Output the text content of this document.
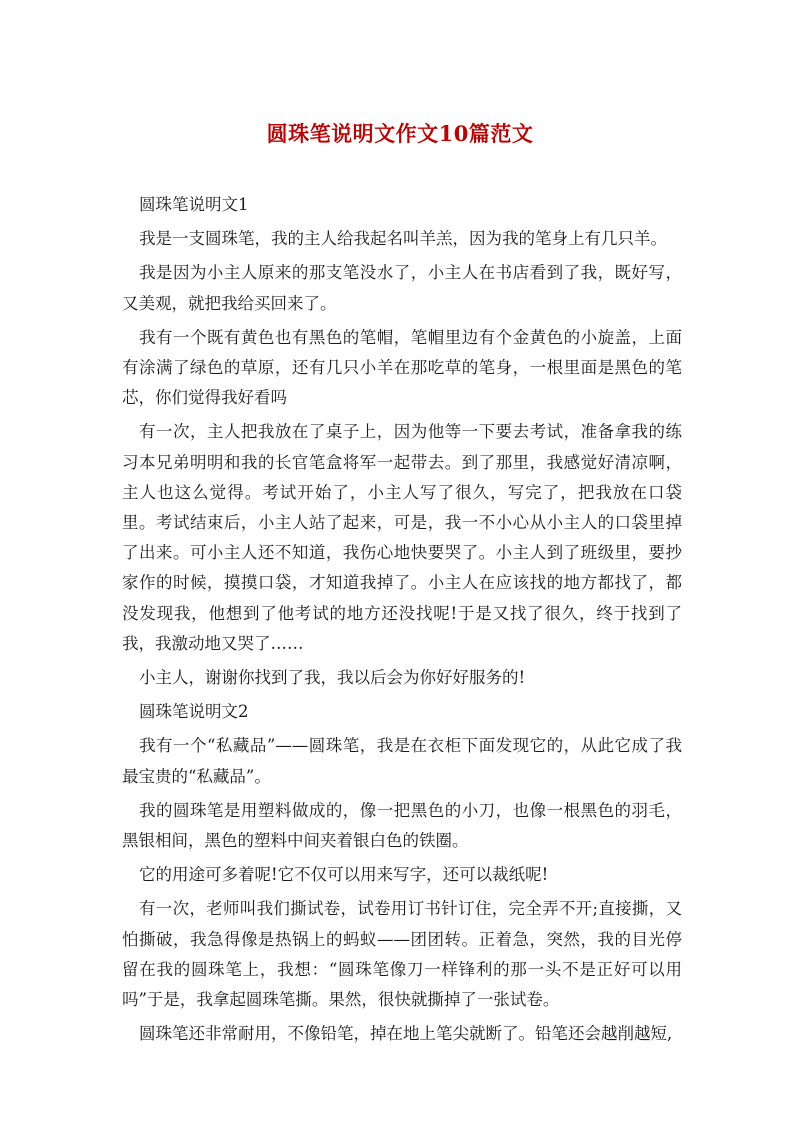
圆珠笔说明文作文10篇范文

圆珠笔说明文1

我是一支圆珠笔，我的主人给我起名叫羊羔，因为我的笔身上有几只羊。

我是因为小主人原来的那支笔没水了，小主人在书店看到了我，既好写，又美观，就把我给买回来了。

我有一个既有黄色也有黑色的笔帽，笔帽里边有个金黄色的小旋盖，上面有涂满了绿色的草原，还有几只小羊在那吃草的笔身，一根里面是黑色的笔芯，你们觉得我好看吗

有一次，主人把我放在了桌子上，因为他等一下要去考试，准备拿我的练习本兄弟明明和我的长官笔盒将军一起带去。到了那里，我感觉好清凉啊，主人也这么觉得。考试开始了，小主人写了很久，写完了，把我放在口袋里。考试结束后，小主人站了起来，可是，我一不小心从小主人的口袋里掉了出来。可小主人还不知道，我伤心地快要哭了。小主人到了班级里，要抄家作的时候，摸摸口袋，才知道我掉了。小主人在应该找的地方都找了，都没发现我，他想到了他考试的地方还没找呢!于是又找了很久，终于找到了我，我激动地又哭了……

小主人，谢谢你找到了我，我以后会为你好好服务的!

圆珠笔说明文2

我有一个“私藏品”——圆珠笔，我是在衣柜下面发现它的，从此它成了我最宝贵的“私藏品”。

我的圆珠笔是用塑料做成的，像一把黑色的小刀，也像一根黑色的羽毛，黑银相间，黑色的塑料中间夹着银白色的铁圈。

它的用途可多着呢!它不仅可以用来写字，还可以裁纸呢!

有一次，老师叫我们撕试卷，试卷用订书针订住，完全弄不开;直接撕，又怕撕破，我急得像是热锅上的蚂蚁——团团转。正着急，突然，我的目光停留在我的圆珠笔上，我想：“圆珠笔像刀一样锋利的那一头不是正好可以用吗”于是，我拿起圆珠笔撕。果然，很快就撕掉了一张试卷。

圆珠笔还非常耐用，不像铅笔，掉在地上笔尖就断了。铅笔还会越削越短,
